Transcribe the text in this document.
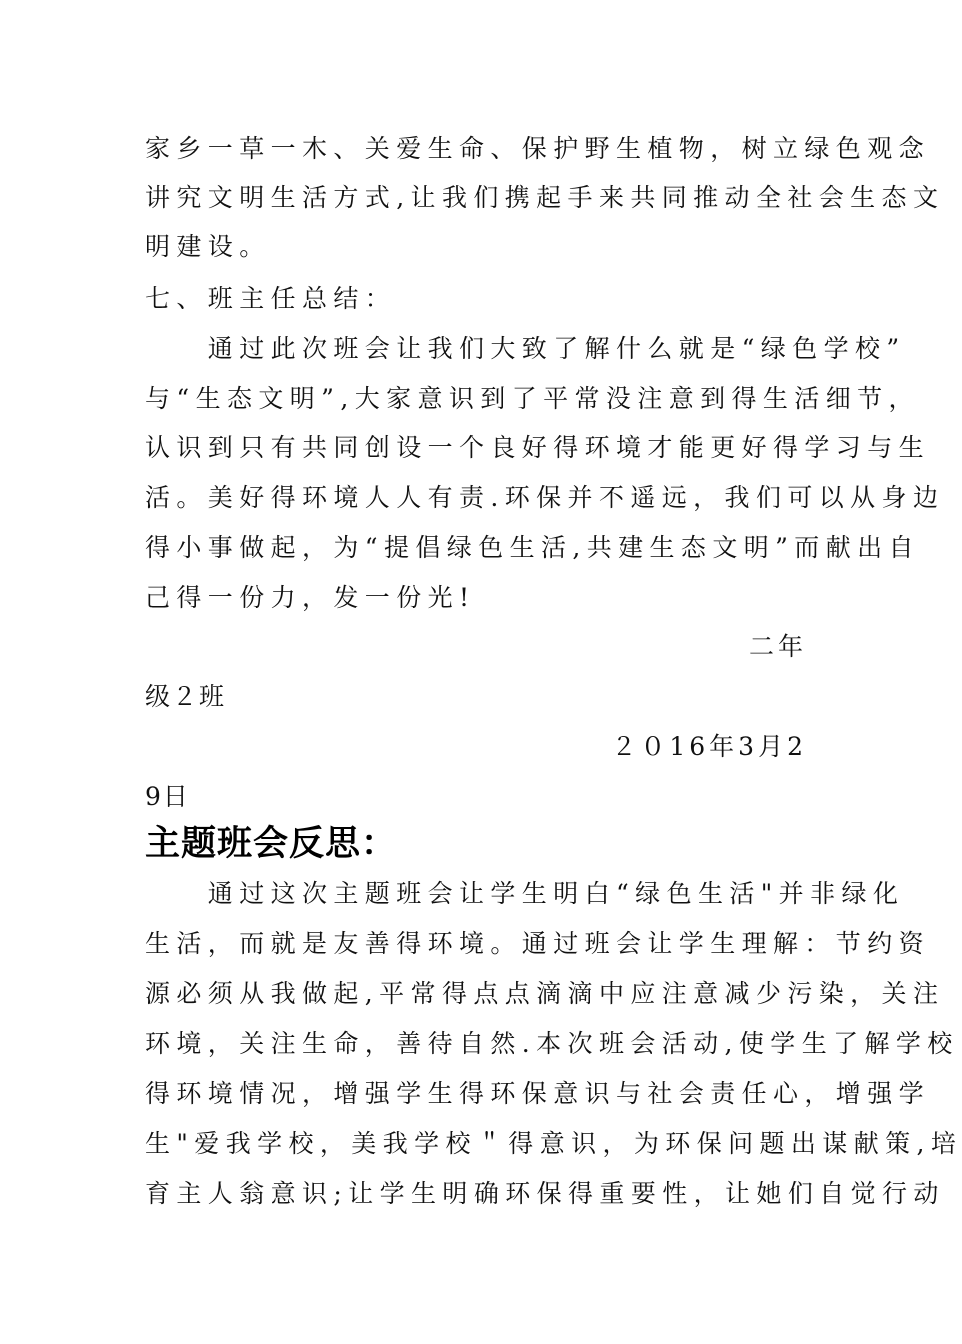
家乡一草一木、关爱生命、保护野生植物，树立绿色观念
讲究文明生活方式,让我们携起手来共同推动全社会生态文
明建设。
七、班主任总结：
　　通过此次班会让我们大致了解什么就是“绿色学校”
与“生态文明”,大家意识到了平常没注意到得生活细节，
认识到只有共同创设一个良好得环境才能更好得学习与生
活。美好得环境人人有责.环保并不遥远，我们可以从身边
得小事做起，为“提倡绿色生活,共建生态文明”而献出自
己得一份力，发一份光!
二年
级２班
２０16年3月2
9日
主题班会反思：
　　通过这次主题班会让学生明白“绿色生活"并非绿化
生活，而就是友善得环境。通过班会让学生理解：节约资
源必须从我做起,平常得点点滴滴中应注意减少污染，关注
环境，关注生命，善待自然.本次班会活动,使学生了解学校
得环境情况，增强学生得环保意识与社会责任心，增强学
生"爱我学校，美我学校＂得意识，为环保问题出谋献策,培
育主人翁意识;让学生明确环保得重要性，让她们自觉行动
